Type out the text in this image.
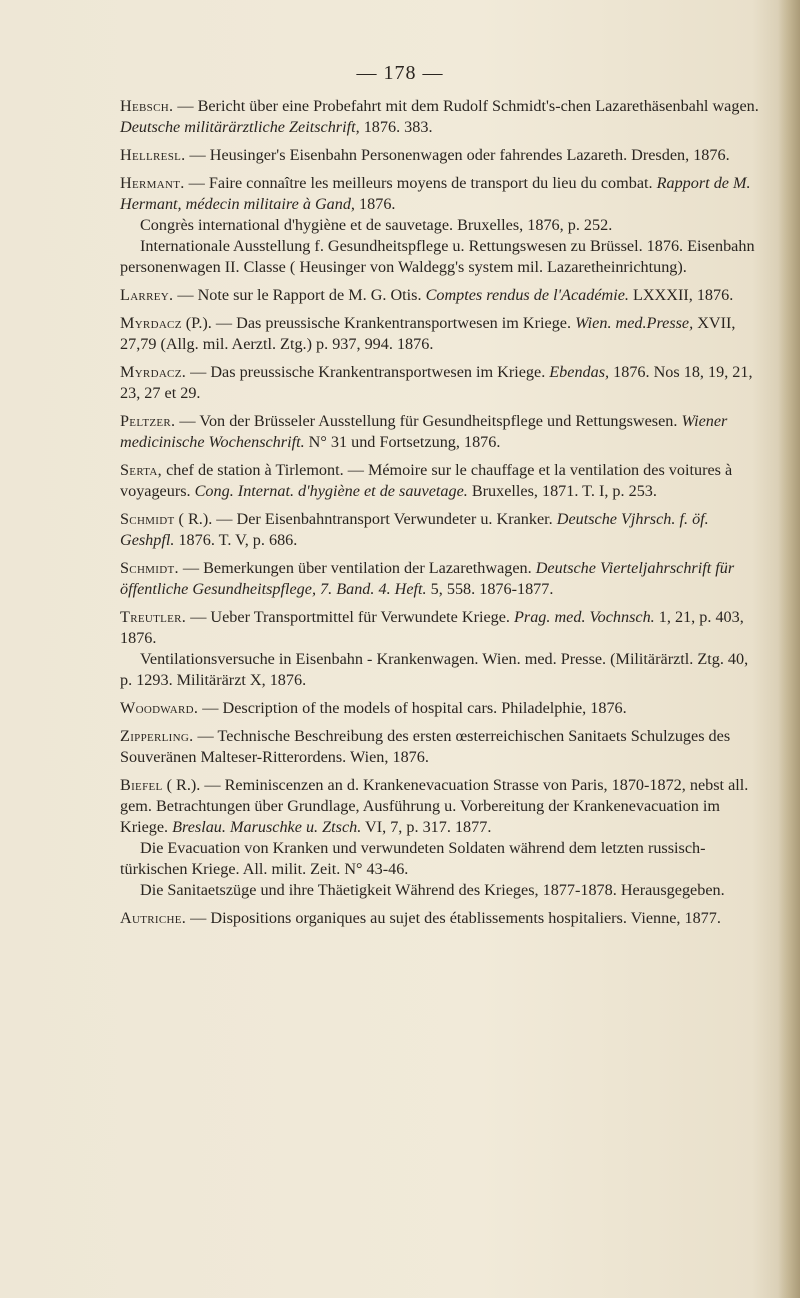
— 178 —

Hebsch. — Bericht über eine Probefahrt mit dem Rudolf Schmidt's-chen Lazarethäsenbahl wagen. Deutsche militärärztliche Zeitschrift, 1876. 383.

Hellresl. — Heusinger's Eisenbahn Personenwagen oder fahrendes Lazareth. Dresden, 1876.

Hermant. — Faire connaître les meilleurs moyens de transport du lieu du combat. Rapport de M. Hermant, médecin militaire à Gand, 1876.

Congrès international d'hygiène et de sauvetage. Bruxelles, 1876, p. 252.

Internationale Ausstellung f. Gesundheitspflege u. Rettungswesen zu Brüssel. 1876. Eisenbahn personenwagen II. Classe ( Heusinger von Waldegg's system mil. Lazaretheinrichtung).

Larrey. — Note sur le Rapport de M. G. Otis. Comptes rendus de l'Académie. LXXXII, 1876.

Myrdacz (P.). — Das preussische Krankentransportwesen im Kriege. Wien. med.Presse, XVII, 27,79 (Allg. mil. Aerztl. Ztg.) p. 937, 994. 1876.

Myrdacz. — Das preussische Krankentransportwesen im Kriege. Ebendas, 1876. Nos 18, 19, 21, 23, 27 et 29.

Peltzer. — Von der Brüsseler Ausstellung für Gesundheitspflege und Rettungswesen. Wiener medicinische Wochenschrift. N° 31 und Fortsetzung, 1876.

Serta, chef de station à Tirlemont. — Mémoire sur le chauffage et la ventilation des voitures à voyageurs. Cong. Internat. d'hygiène et de sauvetage. Bruxelles, 1871. T. I, p. 253.

Schmidt ( R.). — Der Eisenbahntransport Verwundeter u. Kranker. Deutsche Vjhrsch. f. öf. Geshpfl. 1876. T. V, p. 686.

Schmidt. — Bemerkungen über ventilation der Lazarethwagen. Deutsche Vierteljahrschrift für öffentliche Gesundheitspflege, 7. Band. 4. Heft. 5, 558. 1876-1877.

Treutler. — Ueber Transportmittel für Verwundete Kriege. Prag. med. Vochnsch. 1, 21, p. 403, 1876.

Ventilationsversuche in Eisenbahn - Krankenwagen. Wien. med. Presse. (Militärärztl. Ztg. 40, p. 1293. Militärärzt X, 1876.

Woodward. — Description of the models of hospital cars. Philadelphie, 1876.

Zipperling. — Technische Beschreibung des ersten œsterreichischen Sanitaets Schulzuges des Souveränen Malteser-Ritterordens. Wien, 1876.

Biefel ( R.). — Reminiscenzen an d. Krankenevacuation Strasse von Paris, 1870-1872, nebst all. gem. Betrachtungen über Grundlage, Ausführung u. Vorbereitung der Krankenevacuation im Kriege. Breslau. Maruschke u. Ztsch. VI, 7, p. 317. 1877.

Die Evacuation von Kranken und verwundeten Soldaten während dem letzten russisch-türkischen Kriege. All. milit. Zeit. N° 43-46.

Die Sanitaetszüge und ihre Thäetigkeit Während des Krieges, 1877-1878. Herausgegeben.

Autriche. — Dispositions organiques au sujet des établissements hospitaliers. Vienne, 1877.
